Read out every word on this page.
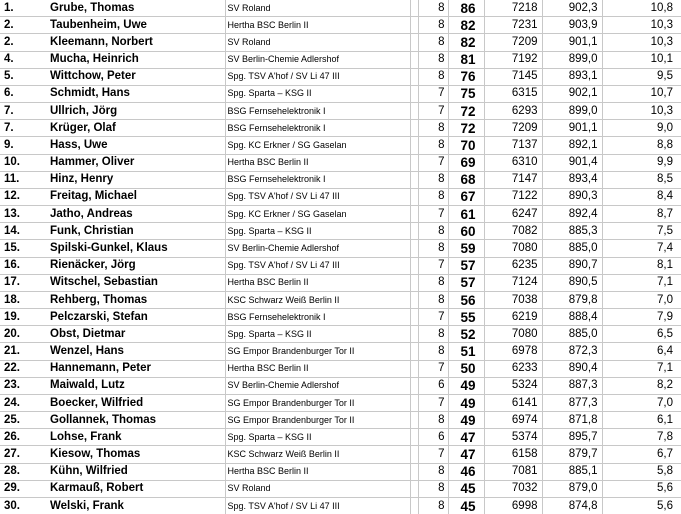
1.	Grube, Thomas	SV Roland		8	86	7218	902,3	10,8
2.	Taubenheim, Uwe	Hertha BSC Berlin II		8	82	7231	903,9	10,3
2.	Kleemann, Norbert	SV Roland		8	82	7209	901,1	10,3
4.	Mucha, Heinrich	SV Berlin-Chemie Adlershof		8	81	7192	899,0	10,1
5.	Wittchow, Peter	Spg. TSV A'hof / SV Li 47 III		8	76	7145	893,1	9,5
6.	Schmidt, Hans	Spg. Sparta – KSG II		7	75	6315	902,1	10,7
7.	Ullrich, Jörg	BSG Fernsehelektronik I		7	72	6293	899,0	10,3
7.	Krüger, Olaf	BSG Fernsehelektronik I		8	72	7209	901,1	9,0
9.	Hass, Uwe	Spg. KC Erkner / SG Gaselan		8	70	7137	892,1	8,8
10.	Hammer, Oliver	Hertha BSC Berlin II		7	69	6310	901,4	9,9
11.	Hinz, Henry	BSG Fernsehelektronik I		8	68	7147	893,4	8,5
12.	Freitag, Michael	Spg. TSV A'hof / SV Li 47 III		8	67	7122	890,3	8,4
13.	Jatho, Andreas	Spg. KC Erkner / SG Gaselan		7	61	6247	892,4	8,7
14.	Funk, Christian	Spg. Sparta – KSG II		8	60	7082	885,3	7,5
15.	Spilski-Gunkel, Klaus	SV Berlin-Chemie Adlershof		8	59	7080	885,0	7,4
16.	Rienäcker, Jörg	Spg. TSV A'hof / SV Li 47 III		7	57	6235	890,7	8,1
17.	Witschel, Sebastian	Hertha BSC Berlin II		8	57	7124	890,5	7,1
18.	Rehberg, Thomas	KSC Schwarz Weiß Berlin II		8	56	7038	879,8	7,0
19.	Pelczarski, Stefan	BSG Fernsehelektronik I		7	55	6219	888,4	7,9
20.	Obst, Dietmar	Spg. Sparta – KSG II		8	52	7080	885,0	6,5
21.	Wenzel, Hans	SG Empor Brandenburger Tor II		8	51	6978	872,3	6,4
22.	Hannemann, Peter	Hertha BSC Berlin II		7	50	6233	890,4	7,1
23.	Maiwald, Lutz	SV Berlin-Chemie Adlershof		6	49	5324	887,3	8,2
24.	Boecker, Wilfried	SG Empor Brandenburger Tor II		7	49	6141	877,3	7,0
25.	Gollannek, Thomas	SG Empor Brandenburger Tor II		8	49	6974	871,8	6,1
26.	Lohse, Frank	Spg. Sparta – KSG II		6	47	5374	895,7	7,8
27.	Kiesow, Thomas	KSC Schwarz Weiß Berlin II		7	47	6158	879,7	6,7
28.	Kühn, Wilfried	Hertha BSC Berlin II		8	46	7081	885,1	5,8
29.	Karmauß, Robert	SV Roland		8	45	7032	879,0	5,6
30.	Welski, Frank	Spg. TSV A'hof / SV Li 47 III		8	45	6998	874,8	5,6
